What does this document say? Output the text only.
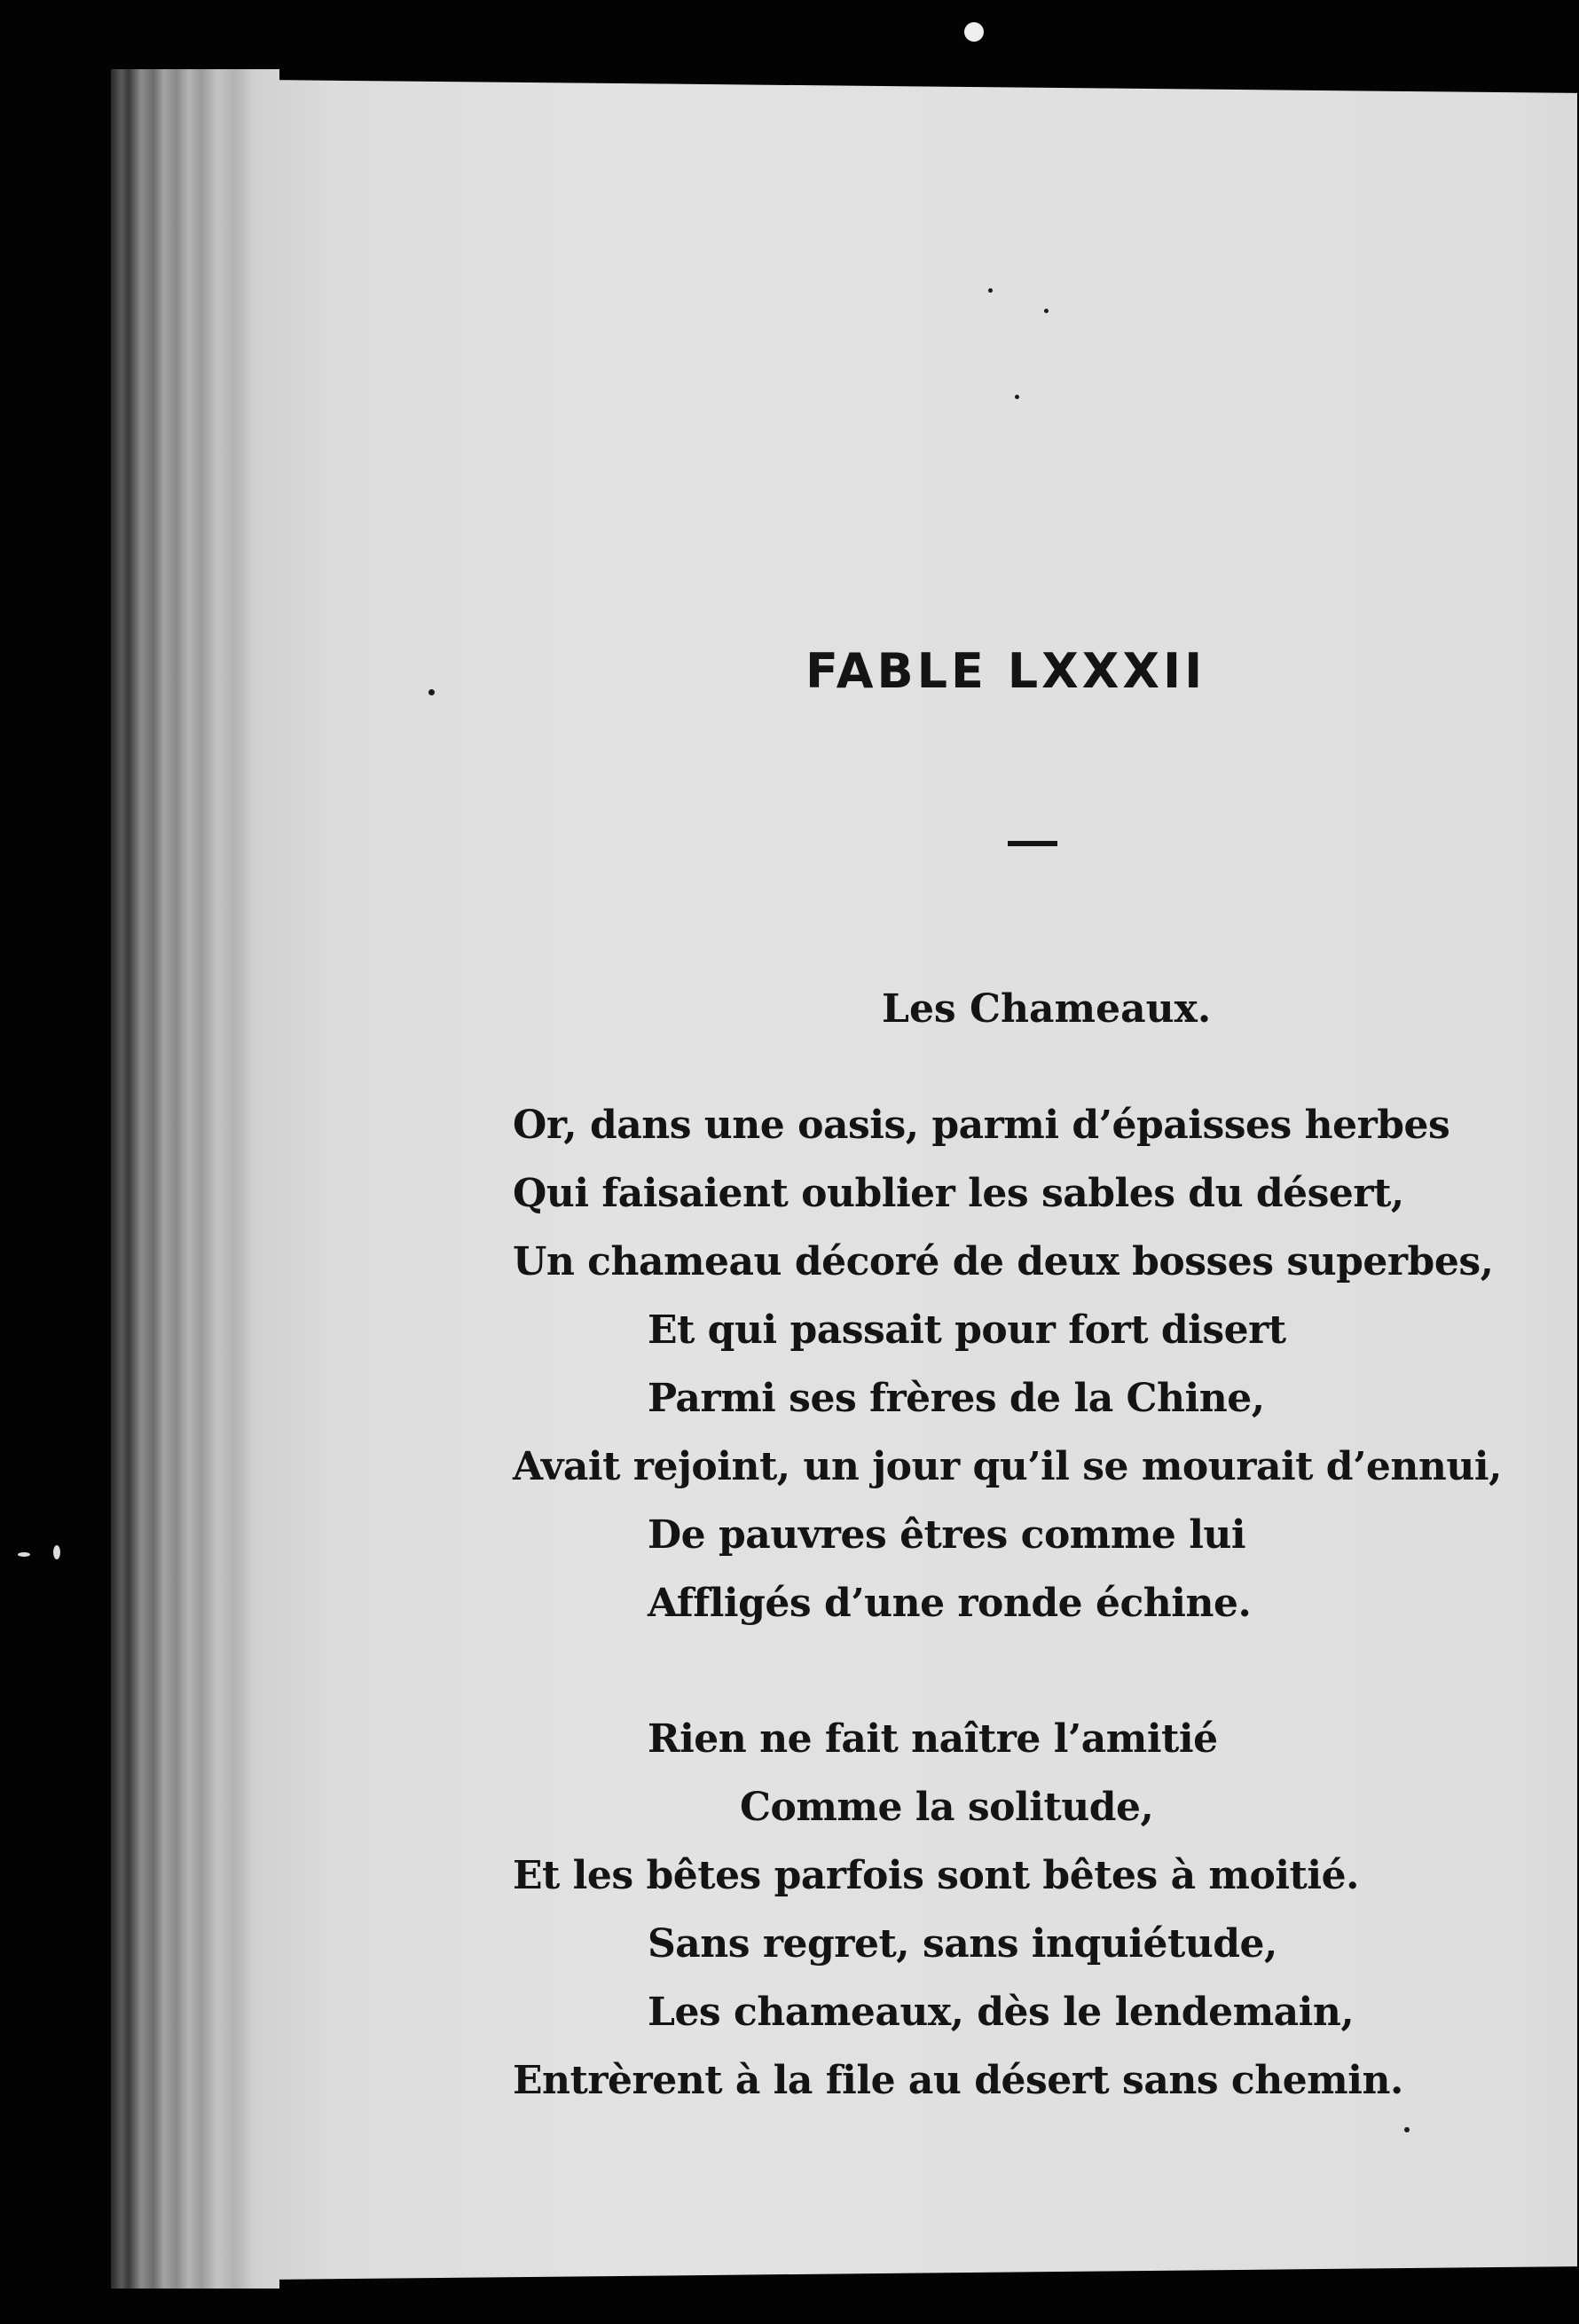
FABLE LXXXII
Les Chameaux.
Or, dans une oasis, parmi d’épaisses herbes
Qui faisaient oublier les sables du désert,
Un chameau décoré de deux bosses superbes,
Et qui passait pour fort disert
Parmi ses frères de la Chine,
Avait rejoint, un jour qu’il se mourait d’ennui,
De pauvres êtres comme lui
Affligés d’une ronde échine.
Rien ne fait naître l’amitié
Comme la solitude,
Et les bêtes parfois sont bêtes à moitié.
Sans regret, sans inquiétude,
Les chameaux, dès le lendemain,
Entrèrent à la file au désert sans chemin.
